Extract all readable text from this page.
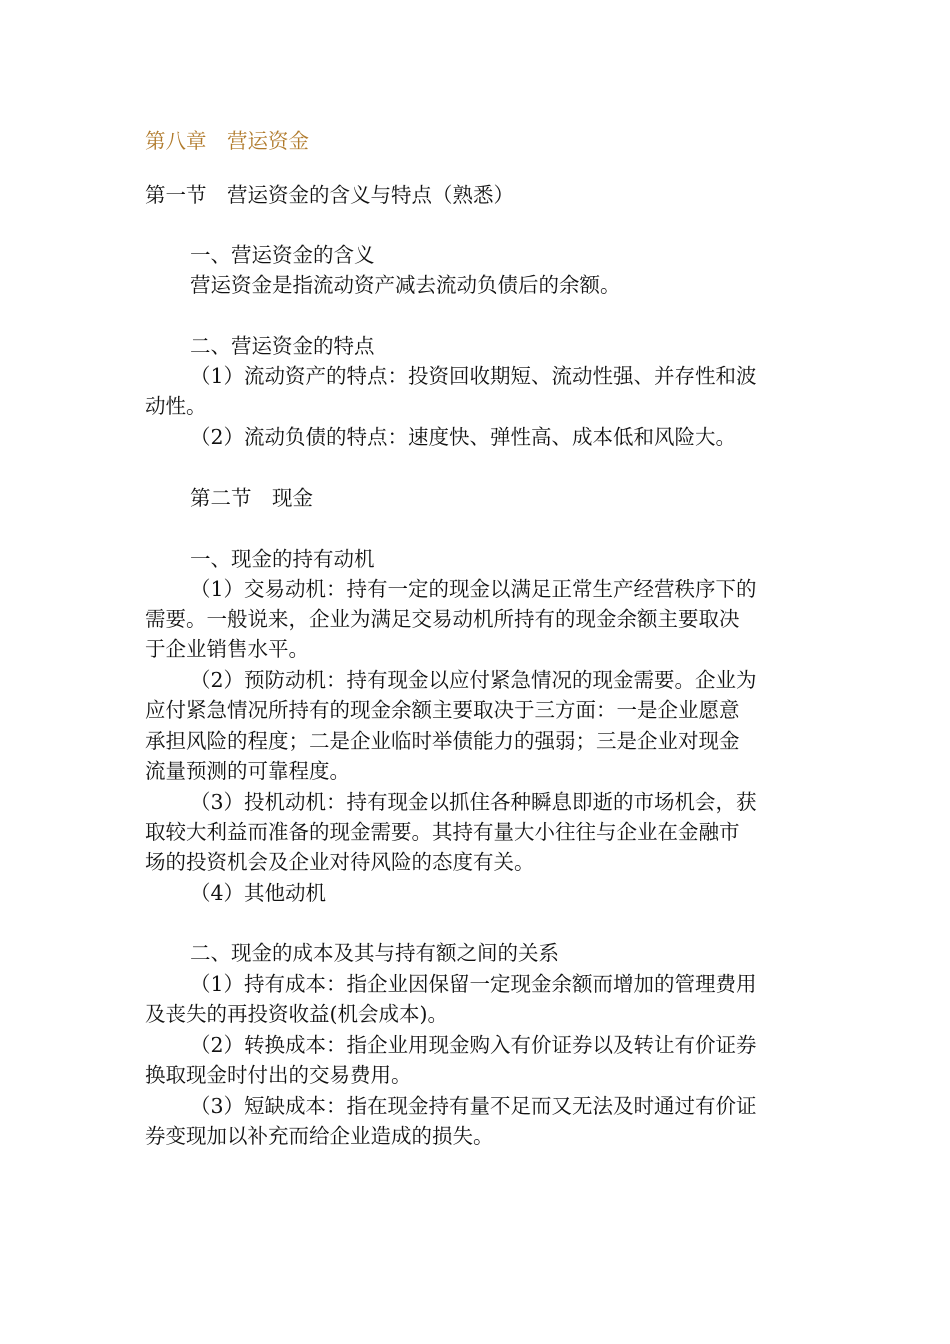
第八章　营运资金
第一节　营运资金的含义与特点（熟悉）
一、营运资金的含义
营运资金是指流动资产减去流动负债后的余额。
二、营运资金的特点
（1）流动资产的特点：投资回收期短、流动性强、并存性和波
动性。
（2）流动负债的特点：速度快、弹性高、成本低和风险大。
第二节　现金
一、现金的持有动机
（1）交易动机：持有一定的现金以满足正常生产经营秩序下的
需要。一般说来，企业为满足交易动机所持有的现金余额主要取决
于企业销售水平。
（2）预防动机：持有现金以应付紧急情况的现金需要。企业为
应付紧急情况所持有的现金余额主要取决于三方面：一是企业愿意
承担风险的程度；二是企业临时举债能力的强弱；三是企业对现金
流量预测的可靠程度。
（3）投机动机：持有现金以抓住各种瞬息即逝的市场机会，获
取较大利益而准备的现金需要。其持有量大小往往与企业在金融市
场的投资机会及企业对待风险的态度有关。
（4）其他动机
二、现金的成本及其与持有额之间的关系
（1）持有成本：指企业因保留一定现金余额而增加的管理费用
及丧失的再投资收益(机会成本)。
（2）转换成本：指企业用现金购入有价证券以及转让有价证券
换取现金时付出的交易费用。
（3）短缺成本：指在现金持有量不足而又无法及时通过有价证
券变现加以补充而给企业造成的损失。
